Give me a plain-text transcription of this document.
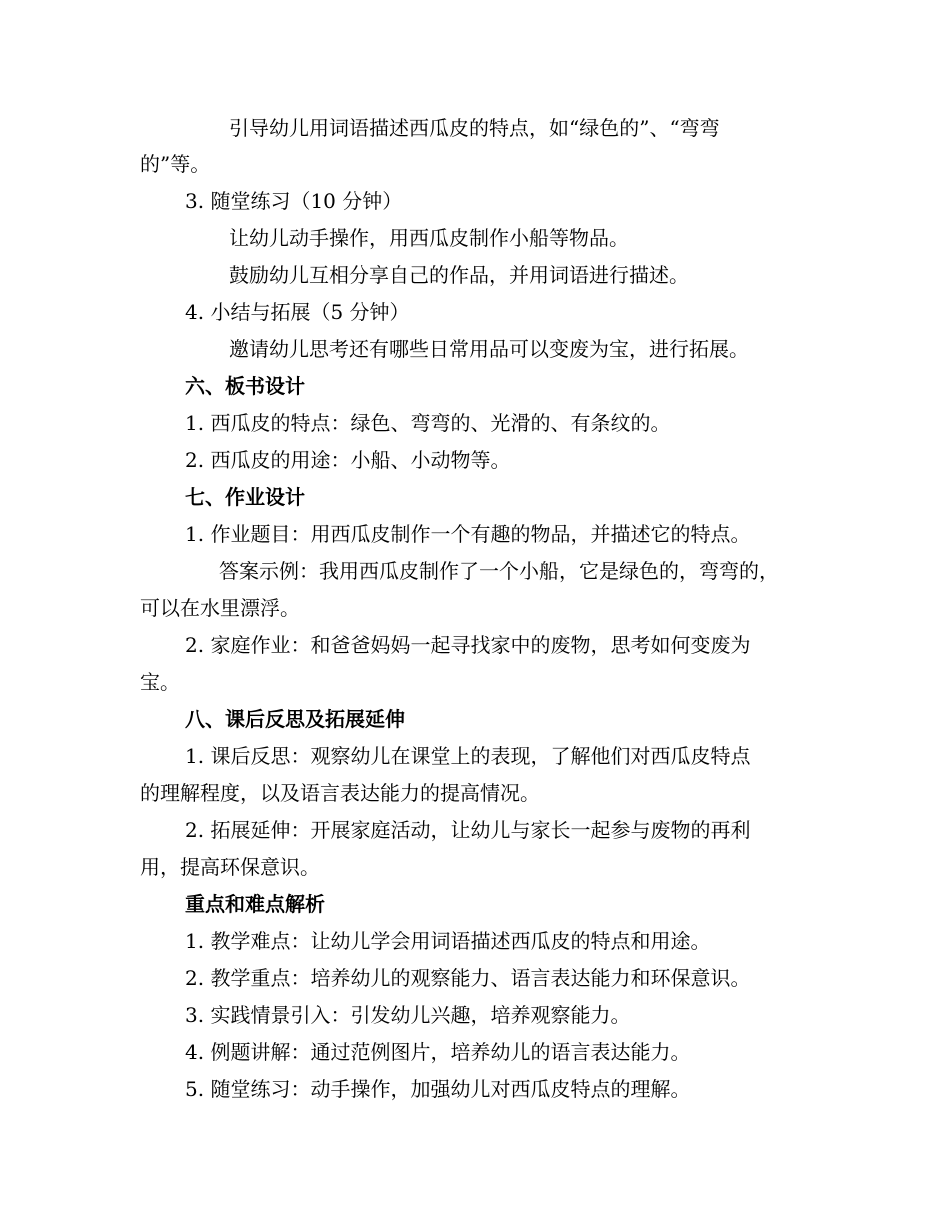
引导幼儿用词语描述西瓜皮的特点，如“绿色的”、“弯弯
的”等。
3. 随堂练习（10 分钟）
让幼儿动手操作，用西瓜皮制作小船等物品。
鼓励幼儿互相分享自己的作品，并用词语进行描述。
4. 小结与拓展（5 分钟）
邀请幼儿思考还有哪些日常用品可以变废为宝，进行拓展。
六、板书设计
1. 西瓜皮的特点：绿色、弯弯的、光滑的、有条纹的。
2. 西瓜皮的用途：小船、小动物等。
七、作业设计
1. 作业题目：用西瓜皮制作一个有趣的物品，并描述它的特点。
答案示例：我用西瓜皮制作了一个小船，它是绿色的，弯弯的，
可以在水里漂浮。
2. 家庭作业：和爸爸妈妈一起寻找家中的废物，思考如何变废为
宝。
八、课后反思及拓展延伸
1. 课后反思：观察幼儿在课堂上的表现，了解他们对西瓜皮特点
的理解程度，以及语言表达能力的提高情况。
2. 拓展延伸：开展家庭活动，让幼儿与家长一起参与废物的再利
用，提高环保意识。
重点和难点解析
1. 教学难点：让幼儿学会用词语描述西瓜皮的特点和用途。
2. 教学重点：培养幼儿的观察能力、语言表达能力和环保意识。
3. 实践情景引入：引发幼儿兴趣，培养观察能力。
4. 例题讲解：通过范例图片，培养幼儿的语言表达能力。
5. 随堂练习：动手操作，加强幼儿对西瓜皮特点的理解。
